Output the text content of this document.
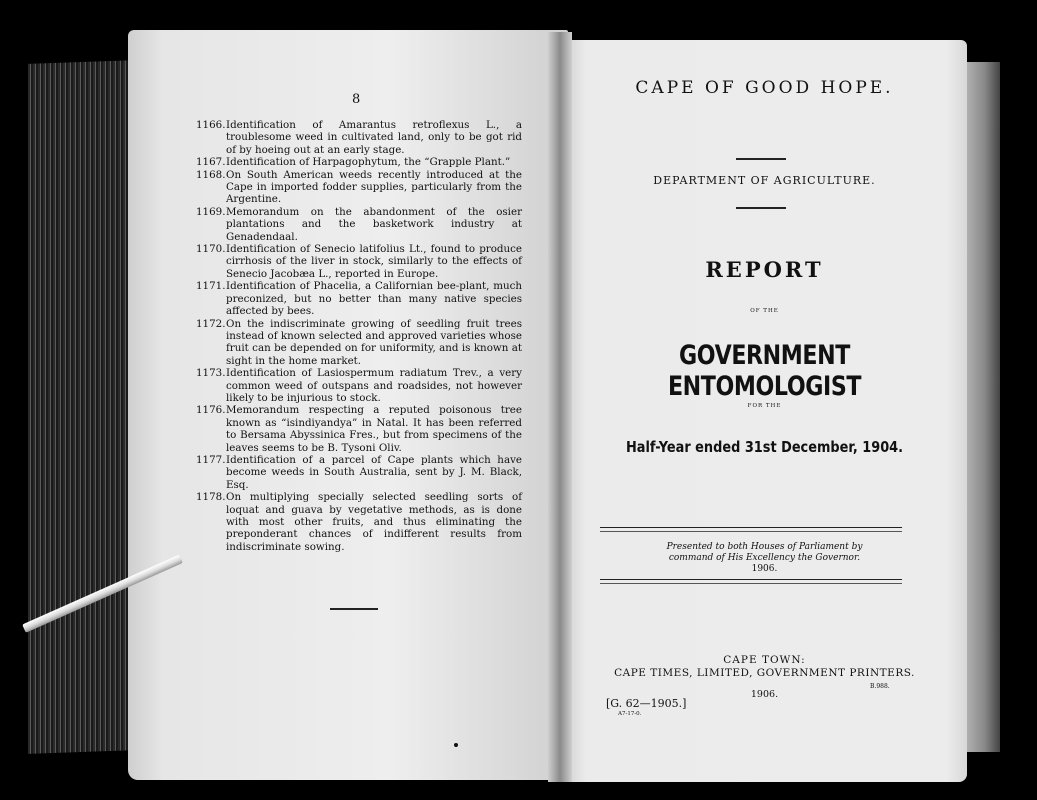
8
1166. Identification of Amarantus retroflexus L., a troublesome weed in cultivated land, only to be got rid of by hoeing out at an early stage.
1167. Identification of Harpagophytum, the “Grapple Plant.”
1168. On South American weeds recently introduced at the Cape in imported fodder supplies, particularly from the Argentine.
1169. Memorandum on the abandonment of the osier plantations and the basketwork industry at Genadendaal.
1170. Identification of Senecio latifolius Lt., found to produce cirrhosis of the liver in stock, similarly to the effects of Senecio Jacobæa L., reported in Europe.
1171. Identification of Phacelia, a Californian bee-plant, much preconized, but no better than many native species affected by bees.
1172. On the indiscriminate growing of seedling fruit trees instead of known selected and approved varieties whose fruit can be depended on for uniformity, and is known at sight in the home market.
1173. Identification of Lasiospermum radiatum Trev., a very common weed of outspans and roadsides, not however likely to be injurious to stock.
1176. Memorandum respecting a reputed poisonous tree known as “isindiyandya” in Natal. It has been referred to Bersama Abyssinica Fres., but from specimens of the leaves seems to be B. Tysoni Oliv.
1177. Identification of a parcel of Cape plants which have become weeds in South Australia, sent by J. M. Black, Esq.
1178. On multiplying specially selected seedling sorts of loquat and guava by vegetative methods, as is done with most other fruits, and thus eliminating the preponderant chances of indifferent results from indiscriminate sowing.
CAPE OF GOOD HOPE.
DEPARTMENT OF AGRICULTURE.
REPORT
OF THE
GOVERNMENT ENTOMOLOGIST
FOR THE
Half-Year ended 31st December, 1904.
Presented to both Houses of Parliament by command of His Excellency the Governor.
1906.
CAPE TOWN:
CAPE TIMES, LIMITED, GOVERNMENT PRINTERS.
1906.
B.988.
[G. 62—1905.]
A7-17-0.
